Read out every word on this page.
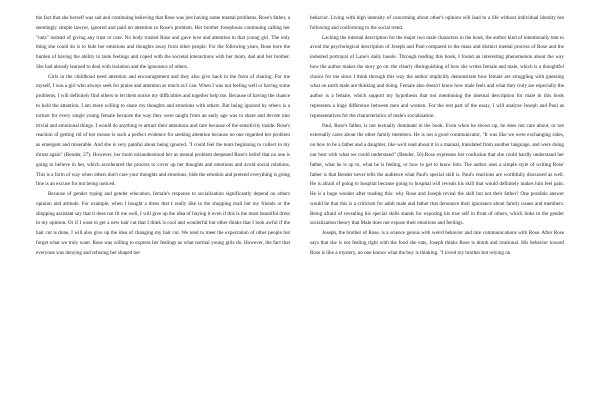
the fact that she herself was sad and continuing believing that Rose was just having some mental problems. Rose's father, a seemingly simple lawyer, ignored and paid no attention to Rose's problem. Her brother Josephwas continuing calling her "nuts" instead of giving any trust or care. No body trusted Rose and gave love and attention to that young girl. The only thing she could do is to hide her emotions and thoughts away from other people. For the following years, Rose bore the burden of having the ability to taste feelings and coped with the societal interactions with her mom, dad and her brother. She had already learned to deal with isolation and the ignorance of others.

Girls in the childhood need attention and encouragement and they also give back in the form of sharing. For me myself, I was a girl who always seek for praise and attention as much as I can. When I was not feeling well or having some problems, I will definitely find others to let them notice my difficulties and together help me. Because of having the chance to hold the attention, I am more willing to share my thoughts and emotions with others. But being ignored by others is a torture for every single young female because the way they were taught from an early age was to share and devote into trivial and emotional things. I would do anything to attract their attentions and care because of the sensitivity inside. Rose's reaction of getting rid of her mouse is such a perfect evidence for seeking attention because no one regarded her problem as emergent and miserable. And she is very painful about being ignored. "I could feel the tears beginning to collect in my throat again" (Bender, 27). However, her mom misunderstood her as mental problem deepened Rose's belief that no one is going to believe in her, which accelerated the process to cover up her thoughts and emotions and avoid social relations. This is a form of way when others don't care your thoughts and emotions, hide the emotion and pretend everything is going fine is an excuse for not being noticed.

Because of gender typing and gender education, female's response to socialization significantly depend on others opinion and attitude. For example, when I bought a dress that I really like in the shopping mall but my friends or the shopping assistant say that it does not fit me well, I will give up the idea of buying it even if this is the most beautiful dress in my opinion. Or if I want to get a new hair cut that I think is cool and wonderful but other thinks that I look awful if the hair cut is done, I will also give up the idea of changing my hair cut. We tend to meet the expectation of other people but forget what we truly want. Rose was willing to express her feelings as what normal young girls do. However, the fact that everyone was denying and refusing her shaped her

behavior. Living with high intensity of concerning about other's opinion will lead to a life without individual identity but following and conforming to the social trend.

Lacking the internal description for the major two male characters in the book, the author kind of intentionally tent to avoid the psychological description of Joseph and Paul compared to the mass and distinct mental process of Rose and the indented portrayal of Lane's daily hassle. Through reading this book, I found an interesting phenomenon about the way how the author makes the story go on: the clearly distinguishing of how she writes female and male, which is a thoughtful choice for me since I think through this way the author implicitly demonstrate how female are struggling with guessing what on earth male are thinking and doing. Female also doesn't know how male feels and what they truly are especially the author is a female, which support my hypothesis that not mentioning the internal description for male in this book represents a huge difference between men and women. For the rest part of the essay, I will analyze Joseph and Paul as representatives for the characteristics of male's socialization.

Paul, Rose's father, is not textually dominant in the book. Even when he shows up, he does not care about, or not externally cares about the other family members. He is not a good communicator, "It was like we were exchanging sides, on how to be a father and a daughter, like we'd read about it in a manual, translated from another language, and were doing our best with what we could understand" (Bender, 56).Rose expresses her confusion that she could hardly understand her father, what he is up to, what he is feeling, or how to get to know him. The author uses a simple style of writing Rose' father is that Bender never tells the audience what Paul's special skill is. Paul's reactions are worthfully discussed as well. He is afraid of going to hospital because going to hospital will reveals his skill that would definitely makes him feel pain. He is a huge wonder after reading this: why Rose and Joseph reveal the skill but not their father? One possible answer would be that this is a criticism for adult male and father that denounce their ignorance about family issues and members. Being afraid of revealing his special skills stands for exposing his true self in front of others, which links to the gender socialization theory that Male does not expose their emotions and feelings.

Joseph, the brother of Rose, is a science genius with weird behavior and rare communications with Rose. After Rose says that she is not feeling right with the food she eats, Joseph thinks Rose is dumb and irrational. His behavior toward Rose is like a mystery, no one knows what the boy is thinking. "I loved my brother but relying on
